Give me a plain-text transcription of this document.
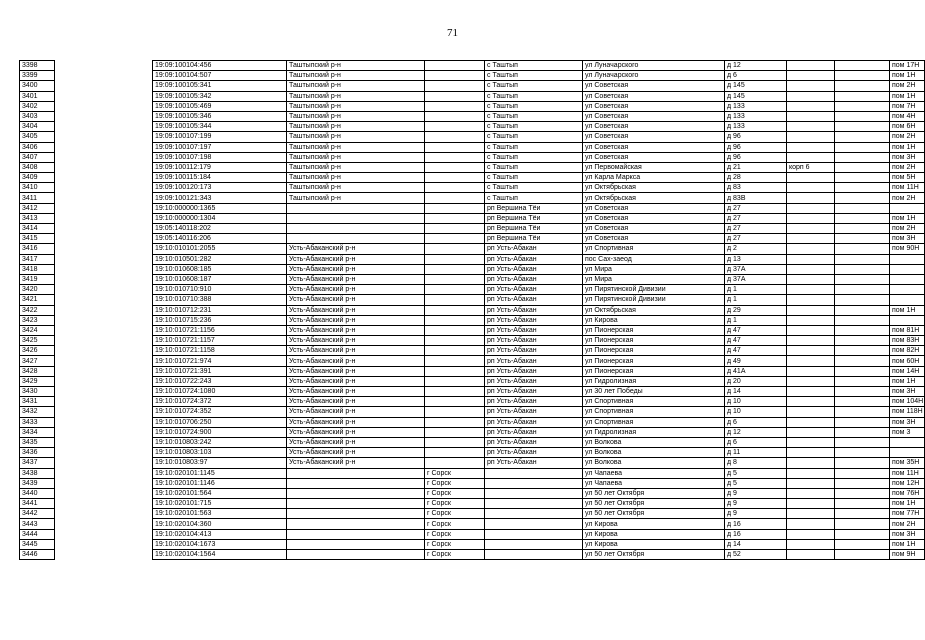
71
3398		19:09:100104:456	Таштыпский р-н		с Таштып	ул Луначарского	д 12			пом 17Н
3399		19:09:100104:507	Таштыпский р-н		с Таштып	ул Луначарского	д 6			пом 1Н
3400		19:09:100105:341	Таштыпский р-н		с Таштып	ул Советская	д 145			пом 2Н
3401		19:09:100105:342	Таштыпский р-н		с Таштып	ул Советская	д 145			пом 1Н
3402		19:09:100105:469	Таштыпский р-н		с Таштып	ул Советская	д 133			пом 7Н
3403		19:09:100105:346	Таштыпский р-н		с Таштып	ул Советская	д 133			пом 4Н
3404		19:09:100105:344	Таштыпский р-н		с Таштып	ул Советская	д 133			пом 6Н
3405		19:09:100107:199	Таштыпский р-н		с Таштып	ул Советская	д 96			пом 2Н
3406		19:09:100107:197	Таштыпский р-н		с Таштып	ул Советская	д 96			пом 1Н
3407		19:09:100107:198	Таштыпский р-н		с Таштып	ул Советская	д 96			пом 3Н
3408		19:09:100112:179	Таштыпский р-н		с Таштып	ул Первомайская	д 21	корп 6		пом 2Н
3409		19:09:100115:184	Таштыпский р-н		с Таштып	ул Карла Маркса	д 28			пом 5Н
3410		19:09:100120:173	Таштыпский р-н		с Таштып	ул Октябрьская	д 83			пом 11Н
3411		19:09:100121:343	Таштыпский р-н		с Таштып	ул Октябрьская	д 83В			пом 2Н
3412		19:10:000000:1365			рп Вершина Тёи	ул Советская	д 27			
3413		19:10:000000:1304			рп Вершина Тёи	ул Советская	д 27			пом 1Н
3414		19:05:140118:202			рп Вершина Тёи	ул Советская	д 27			пом 2Н
3415		19:05:140116:206			рп Вершина Тёи	ул Советская	д 27			пом 3Н
3416		19:10:010101:2055	Усть-Абаканский р-н		рп Усть-Абакан	ул Спортивная	д 2			пом 90Н
3417		19:10:010501:282	Усть-Абаканский р-н		рп Усть-Абакан	пос Сах-заеод	д 13			
3418		19:10:010608:185	Усть-Абаканский р-н		рп Усть-Абакан	ул Мира	д 37А			
3419		19:10:010608:187	Усть-Абаканский р-н		рп Усть-Абакан	ул Мира	д 37А			
3420		19:10:010710:910	Усть-Абаканский р-н		рп Усть-Абакан	ул Пирятинской Дивизии	д 1			
3421		19:10:010710:388	Усть-Абаканский р-н		рп Усть-Абакан	ул Пирятинской Дивизии	д 1			
3422		19:10:010712:231	Усть-Абаканский р-н		рп Усть-Абакан	ул Октябрьская	д 29			пом 1Н
3423		19:10:010715:236	Усть-Абаканский р-н		рп Усть-Абакан	ул Кирова	д 1			
3424		19:10:010721:1156	Усть-Абаканский р-н		рп Усть-Абакан	ул Пионерская	д 47			пом 81Н
3425		19:10:010721:1157	Усть-Абаканский р-н		рп Усть-Абакан	ул Пионерская	д 47			пом 83Н
3426		19:10:010721:1158	Усть-Абаканский р-н		рп Усть-Абакан	ул Пионерская	д 47			пом 82Н
3427		19:10:010721:974	Усть-Абаканский р-н		рп Усть-Абакан	ул Пионерская	д 49			пом 60Н
3428		19:10:010721:391	Усть-Абаканский р-н		рп Усть-Абакан	ул Пионерская	д 41А			пом 14Н
3429		19:10:010722:243	Усть-Абаканский р-н		рп Усть-Абакан	ул Гидролизная	д 20			пом 1Н
3430		19:10:010724:1080	Усть-Абаканский р-н		рп Усть-Абакан	ул 30 лет Победы	д 14			пом 3Н
3431		19:10:010724:372	Усть-Абаканский р-н		рп Усть-Абакан	ул Спортивная	д 10			пом 104Н
3432		19:10:010724:352	Усть-Абаканский р-н		рп Усть-Абакан	ул Спортивная	д 10			пом 118Н
3433		19:10:010706:250	Усть-Абаканский р-н		рп Усть-Абакан	ул Спортивная	д 6			пом 3Н
3434		19:10:010724:900	Усть-Абаканский р-н		рп Усть-Абакан	ул Гидролизная	д 12			пом 3
3435		19:10:010803:242	Усть-Абаканский р-н		рп Усть-Абакан	ул Волкова	д 6			
3436		19:10:010803:103	Усть-Абаканский р-н		рп Усть-Абакан	ул Волкова	д 11			
3437		19:10:010803:97	Усть-Абаканский р-н		рп Усть-Абакан	ул Волкова	д 8			пом 35Н
3438		19:10:020101:1145		г Сорск		ул Чапаева	д 5			пом 11Н
3439		19:10:020101:1146		г Сорск		ул Чапаева	д 5			пом 12Н
3440		19:10:020101:564		г Сорск		ул 50 лет Октября	д 9			пом 76Н
3441		19:10:020101:715		г Сорск		ул 50 лет Октября	д 9			пом 1Н
3442		19:10:020101:563		г Сорск		ул 50 лет Октября	д 9			пом 77Н
3443		19:10:020104:360		г Сорск		ул Кирова	д 16			пом 2Н
3444		19:10:020104:413		г Сорск		ул Кирова	д 16			пом 3Н
3445		19:10:020104:1673		г Сорск		ул Кирова	д 14			пом 1Н
3446		19:10:020104:1564		г Сорск		ул 50 лет Октября	д 52			пом 9Н
